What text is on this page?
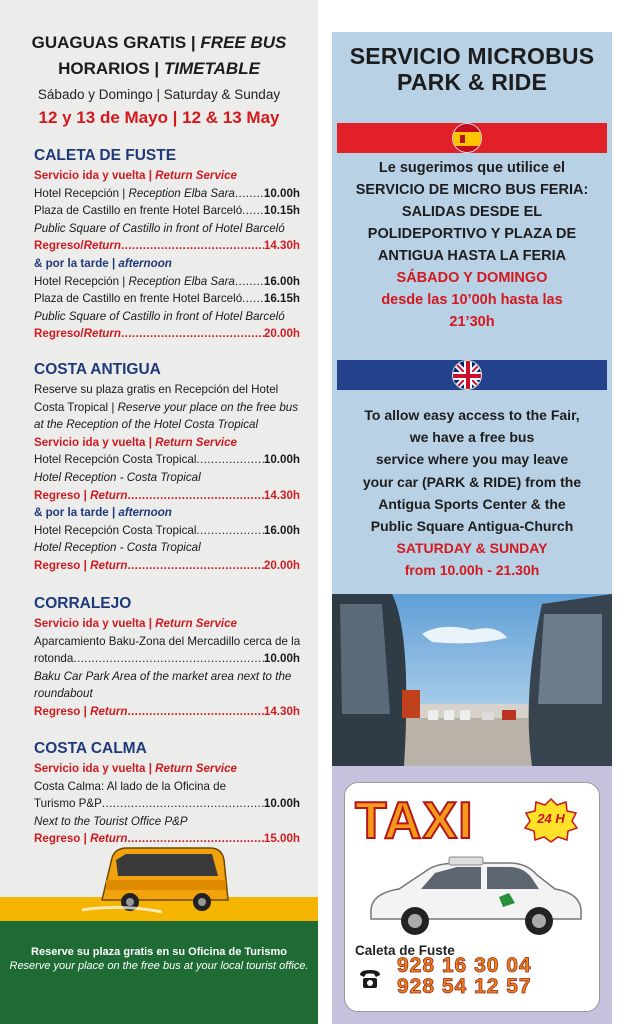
GUAGUAS GRATIS | FREE BUS
HORARIOS | TIMETABLE
Sábado y Domingo | Saturday & Sunday
12 y 13 de Mayo | 12 & 13 May
CALETA DE FUSTE
Servicio ida y vuelta | Return Service
Hotel Recepción | Reception Elba Sara .....	10.00h
Plaza de Castillo en frente Hotel Barceló ..... 10.15h
Public Square of Castillo in front of Hotel Barceló
Regreso/Return .....	14.30h
& por la tarde | afternoon
Hotel Recepción | Reception Elba Sara .....	16.00h
Plaza de Castillo en frente Hotel Barceló ..... 16.15h
Public Square of Castillo in front of Hotel Barceló
Regreso/Return .....	20.00h
COSTA ANTIGUA
Reserve su plaza gratis en Recepción del Hotel Costa Tropical | Reserve your place on the free bus at the Reception of the Hotel Costa Tropical
Servicio ida y vuelta | Return Service
Hotel Recepción Costa Tropical .....	10.00h
Hotel Reception - Costa Tropical
Regreso | Return .....	14.30h
& por la tarde | afternoon
Hotel Recepción Costa Tropical .....	16.00h
Hotel Reception - Costa Tropical
Regreso | Return .....	20.00h
CORRALEJO
Servicio ida y vuelta | Return Service
Aparcamiento Baku-Zona del Mercadillo cerca de la
rotonda .....	10.00h
Baku Car Park Area of the market area next to the roundabout
Regreso | Return .....	14.30h
COSTA CALMA
Servicio ida y vuelta | Return Service
Costa Calma: Al lado de la Oficina de
Turismo P&P .....	10.00h
Next to the Tourist Office P&P
Regreso | Return .....	15.00h
Reserve su plaza gratis en su Oficina de Turismo
Reserve your place on the free bus at your local tourist office.
SERVICIO MICROBUS
PARK & RIDE
Le sugerimos que utilice el
SERVICIO DE MICRO BUS FERIA:
SALIDAS DESDE EL
POLIDEPORTIVO Y PLAZA DE
ANTIGUA HASTA LA FERIA
SÁBADO Y DOMINGO
desde las 10’00h hasta las
21’30h
To allow easy access to the Fair,
we have a free bus
service where you may leave
your car (PARK & RIDE) from the
Antigua Sports Center & the
Public Square Antigua-Church
SATURDAY & SUNDAY
from 10.00h - 21.30h
TAXI	24 H
Caleta de Fuste
928 16 30 04
928 54 12 57
